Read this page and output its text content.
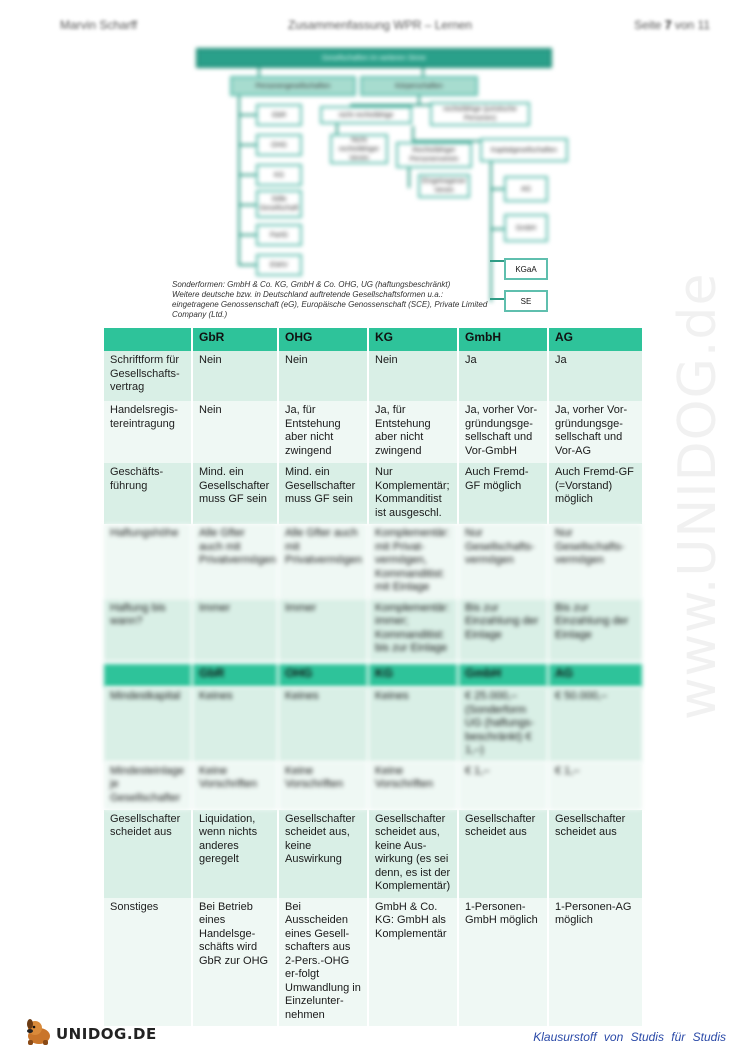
Marvin Scharff	Zusammenfassung WPR – Lernen	Seite 7 von 11
Gesellschaften im weiteren Sinne
Personengesellschaften	Körperschaften
GbR
OHG
KG
Stille Gesellschaft
PartG
EWIV
nicht rechtsfähige
rechtsfähige (juristische Personen)
Nicht rechtsfähiger Verein
Rechtsfähiger Personenverein
Kapitalgesellschaften
Eingetragener Verein	AG
GmbH
KGaA
SE
Sonderformen: GmbH & Co. KG, GmbH & Co. OHG, UG (haftungsbeschränkt)
Weitere deutsche bzw. in Deutschland auftretende Gesellschaftsformen u.a.:
eingetragene Genossenschaft (eG), Europäische Genossenschaft (SCE), Private Limited
Company (Ltd.)
	GbR	OHG	KG	GmbH	AG
Schriftform für Gesellschafts-vertrag	Nein	Nein	Nein	Ja	Ja
Handelsregis-tereintragung	Nein	Ja, für Entstehung aber nicht zwingend	Ja, für Entstehung aber nicht zwingend	Ja, vorher Vor-gründungsge-sellschaft und Vor-GmbH	Ja, vorher Vor-gründungsge-sellschaft und Vor-AG
Geschäfts-führung	Mind. ein Gesellschafter muss GF sein	Mind. ein Gesellschafter muss GF sein	Nur Komplementär; Kommanditist ist ausgeschl.	Auch Fremd-GF möglich	Auch Fremd-GF (=Vorstand) möglich
Haftungshöhe	Alle Gfter auch mit Privatvermögen	Alle Gfter auch mit Privatvermögen	Komplementär: mit Privat-vermögen, Kommanditist: mit Einlage	Nur Gesellschafts-vermögen	Nur Gesellschafts-vermögen
Haftung bis wann?	Immer	Immer	Komplementär: immer; Kommanditist: bis zur Einlage	Bis zur Einzahlung der Einlage	Bis zur Einzahlung der Einlage
	GbR	OHG	KG	GmbH	AG
Mindestkapital	Keines	Keines	Keines	€ 25.000,– (Sonderform UG (haftungs-beschränkt) € 1,–)	€ 50.000,–
Mindesteinlage je Gesellschafter	Keine Vorschriften	Keine Vorschriften	Keine Vorschriften	€ 1,–	€ 1,–
Gesellschafter scheidet aus	Liquidation, wenn nichts anderes geregelt	Gesellschafter scheidet aus, keine Auswirkung	Gesellschafter scheidet aus, keine Aus-wirkung (es sei denn, es ist der Komplementär)	Gesellschafter scheidet aus	Gesellschafter scheidet aus
Sonstiges	Bei Betrieb eines Handelsge-schäfts wird GbR zur OHG	Bei Ausscheiden eines Gesell-schafters aus 2-Pers.-OHG er-folgt Umwandlung in Einzelunter-nehmen	GmbH & Co. KG: GmbH als Komplementär	1-Personen-GmbH möglich	1-Personen-AG möglich
www.UNIDOG.de
UNIDOG.DE	Klausurstoff von Studis für Studis
